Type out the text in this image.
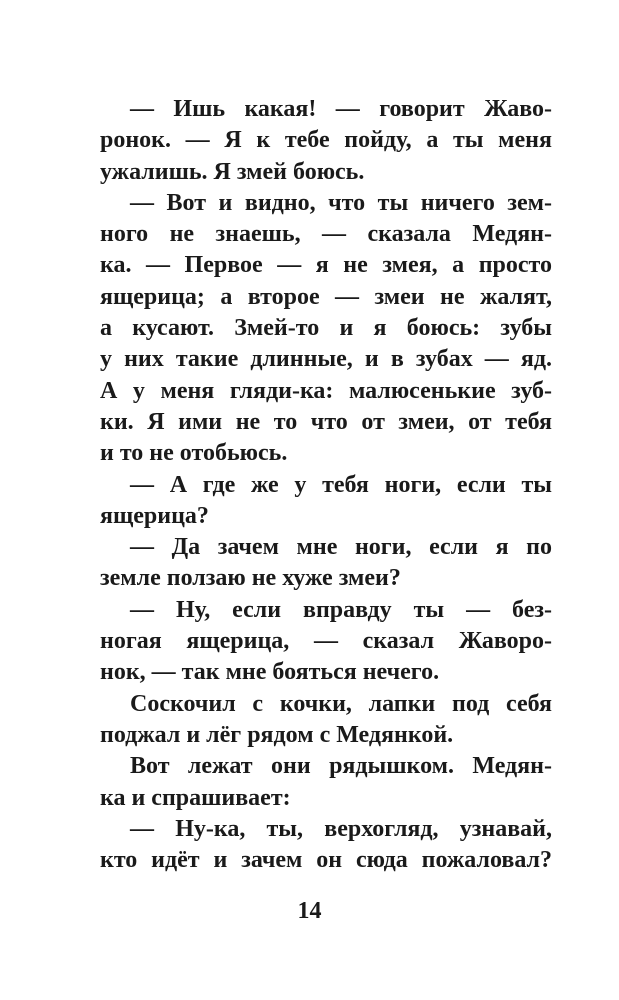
— Ишь какая! — говорит Жаво-
ронок. — Я к тебе пойду, а ты меня
ужалишь. Я змей боюсь.
— Вот и видно, что ты ничего зем-
ного не знаешь, — сказала Медян-
ка. — Первое — я не змея, а просто
ящерица; а второе — змеи не жалят,
а кусают. Змей-то и я боюсь: зубы
у них такие длинные, и в зубах — яд.
А у меня гляди-ка: малюсенькие зуб-
ки. Я ими не то что от змеи, от тебя
и то не отобьюсь.
— А где же у тебя ноги, если ты
ящерица?
— Да зачем мне ноги, если я по
земле ползаю не хуже змеи?
— Ну, если вправду ты — без-
ногая ящерица, — сказал Жаворо-
нок, — так мне бояться нечего.
Соскочил с кочки, лапки под себя
поджал и лёг рядом с Медянкой.
Вот лежат они рядышком. Медян-
ка и спрашивает:
— Ну-ка, ты, верхогляд, узнавай,
кто идёт и зачем он сюда пожаловал?
14
